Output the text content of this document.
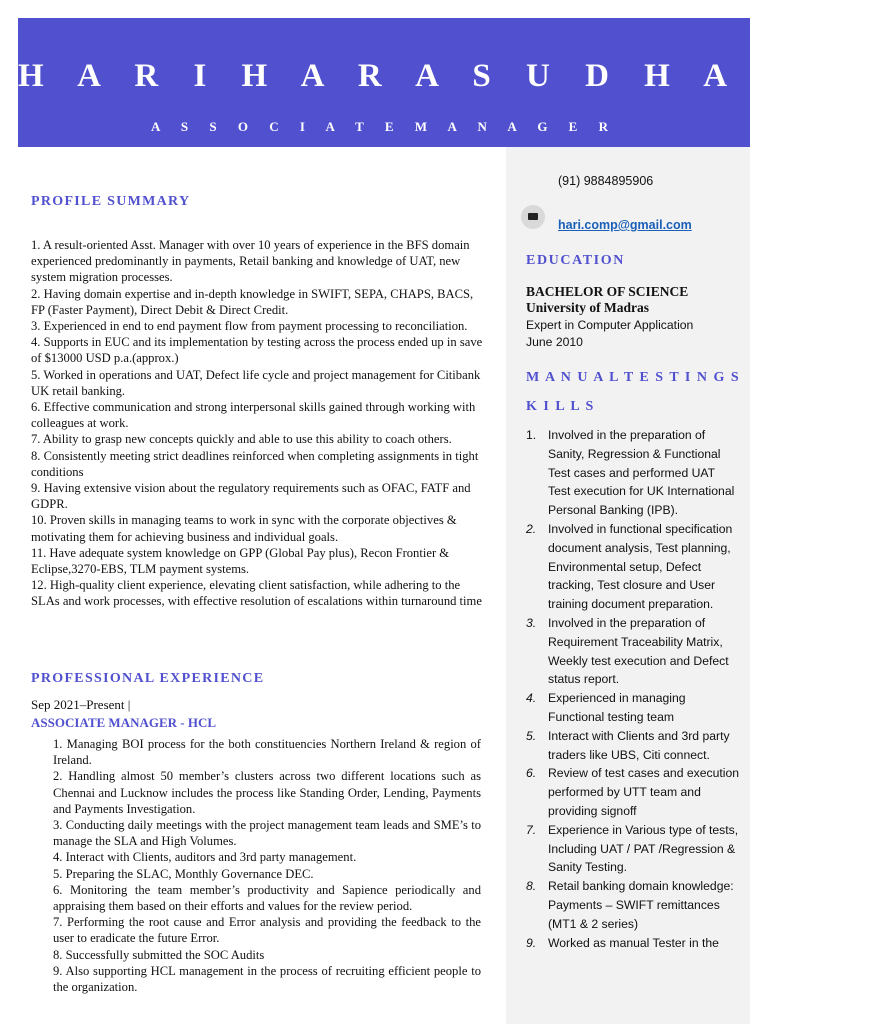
H A R I H A R A S U D H A N .M
A S S O C I A T E M A N A G E R
PROFILE SUMMARY

1. A result-oriented Asst. Manager with over 10 years of experience in the BFS domain experienced predominantly in payments, Retail banking and knowledge of UAT, new system migration processes.

2. Having domain expertise and in-depth knowledge in SWIFT, SEPA, CHAPS, BACS, FP (Faster Payment), Direct Debit & Direct Credit.

3. Experienced in end to end payment flow from payment processing to reconciliation.

4. Supports in EUC and its implementation by testing across the process ended up in save of $13000 USD p.a.(approx.)

5. Worked in operations and UAT, Defect life cycle and project management for Citibank UK retail banking.

6. Effective communication and strong interpersonal skills gained through working with colleagues at work.

7. Ability to grasp new concepts quickly and able to use this ability to coach others.

8. Consistently meeting strict deadlines reinforced when completing assignments in tight conditions

9. Having extensive vision about the regulatory requirements such as OFAC, FATF and GDPR.

10. Proven skills in managing teams to work in sync with the corporate objectives & motivating them for achieving business and individual goals.

11. Have adequate system knowledge on GPP (Global Pay plus), Recon Frontier & Eclipse,3270-EBS, TLM payment systems.

12. High-quality client experience, elevating client satisfaction, while adhering to the SLAs and work processes, with effective resolution of escalations within turnaround time

PROFESSIONAL EXPERIENCE
Sep 2021–Present |
ASSOCIATE MANAGER - HCL

1. Managing BOI process for the both constituencies Northern Ireland & region of Ireland.

2. Handling almost 50 member’s clusters across two different locations such as Chennai and Lucknow includes the process like Standing Order, Lending, Payments and Payments Investigation.

3. Conducting daily meetings with the project management team leads and SME’s to manage the SLA and High Volumes.

4. Interact with Clients, auditors and 3rd party management.

5. Preparing the SLAC, Monthly Governance DEC.

6. Monitoring the team member’s productivity and Sapience periodically and appraising them based on their efforts and values for the review period.

7. Performing the root cause and Error analysis and providing the feedback to the user to eradicate the future Error.

8. Successfully submitted the SOC Audits

9. Also supporting HCL management in the process of recruiting efficient people to the organization.

(91) 9884895906
hari.comp@gmail.com
EDUCATION
BACHELOR OF SCIENCE
University of Madras
Expert in Computer Application
June 2010
M A N U A L T E S T I N G S
K I L L S
1. Involved in the preparation of Sanity, Regression & Functional Test cases and performed UAT Test execution for UK International Personal Banking (IPB).
2. Involved in functional specification document analysis, Test planning, Environmental setup, Defect tracking, Test closure and User training document preparation.
3. Involved in the preparation of Requirement Traceability Matrix, Weekly test execution and Defect status report.
4. Experienced in managing Functional testing team
5. Interact with Clients and 3rd party traders like UBS, Citi connect.
6. Review of test cases and execution performed by UTT team and providing signoff
7. Experience in Various type of tests, Including UAT / PAT /Regression & Sanity Testing.
8. Retail banking domain knowledge: Payments – SWIFT remittances (MT1 & 2 series)
9. Worked as manual Tester in the
